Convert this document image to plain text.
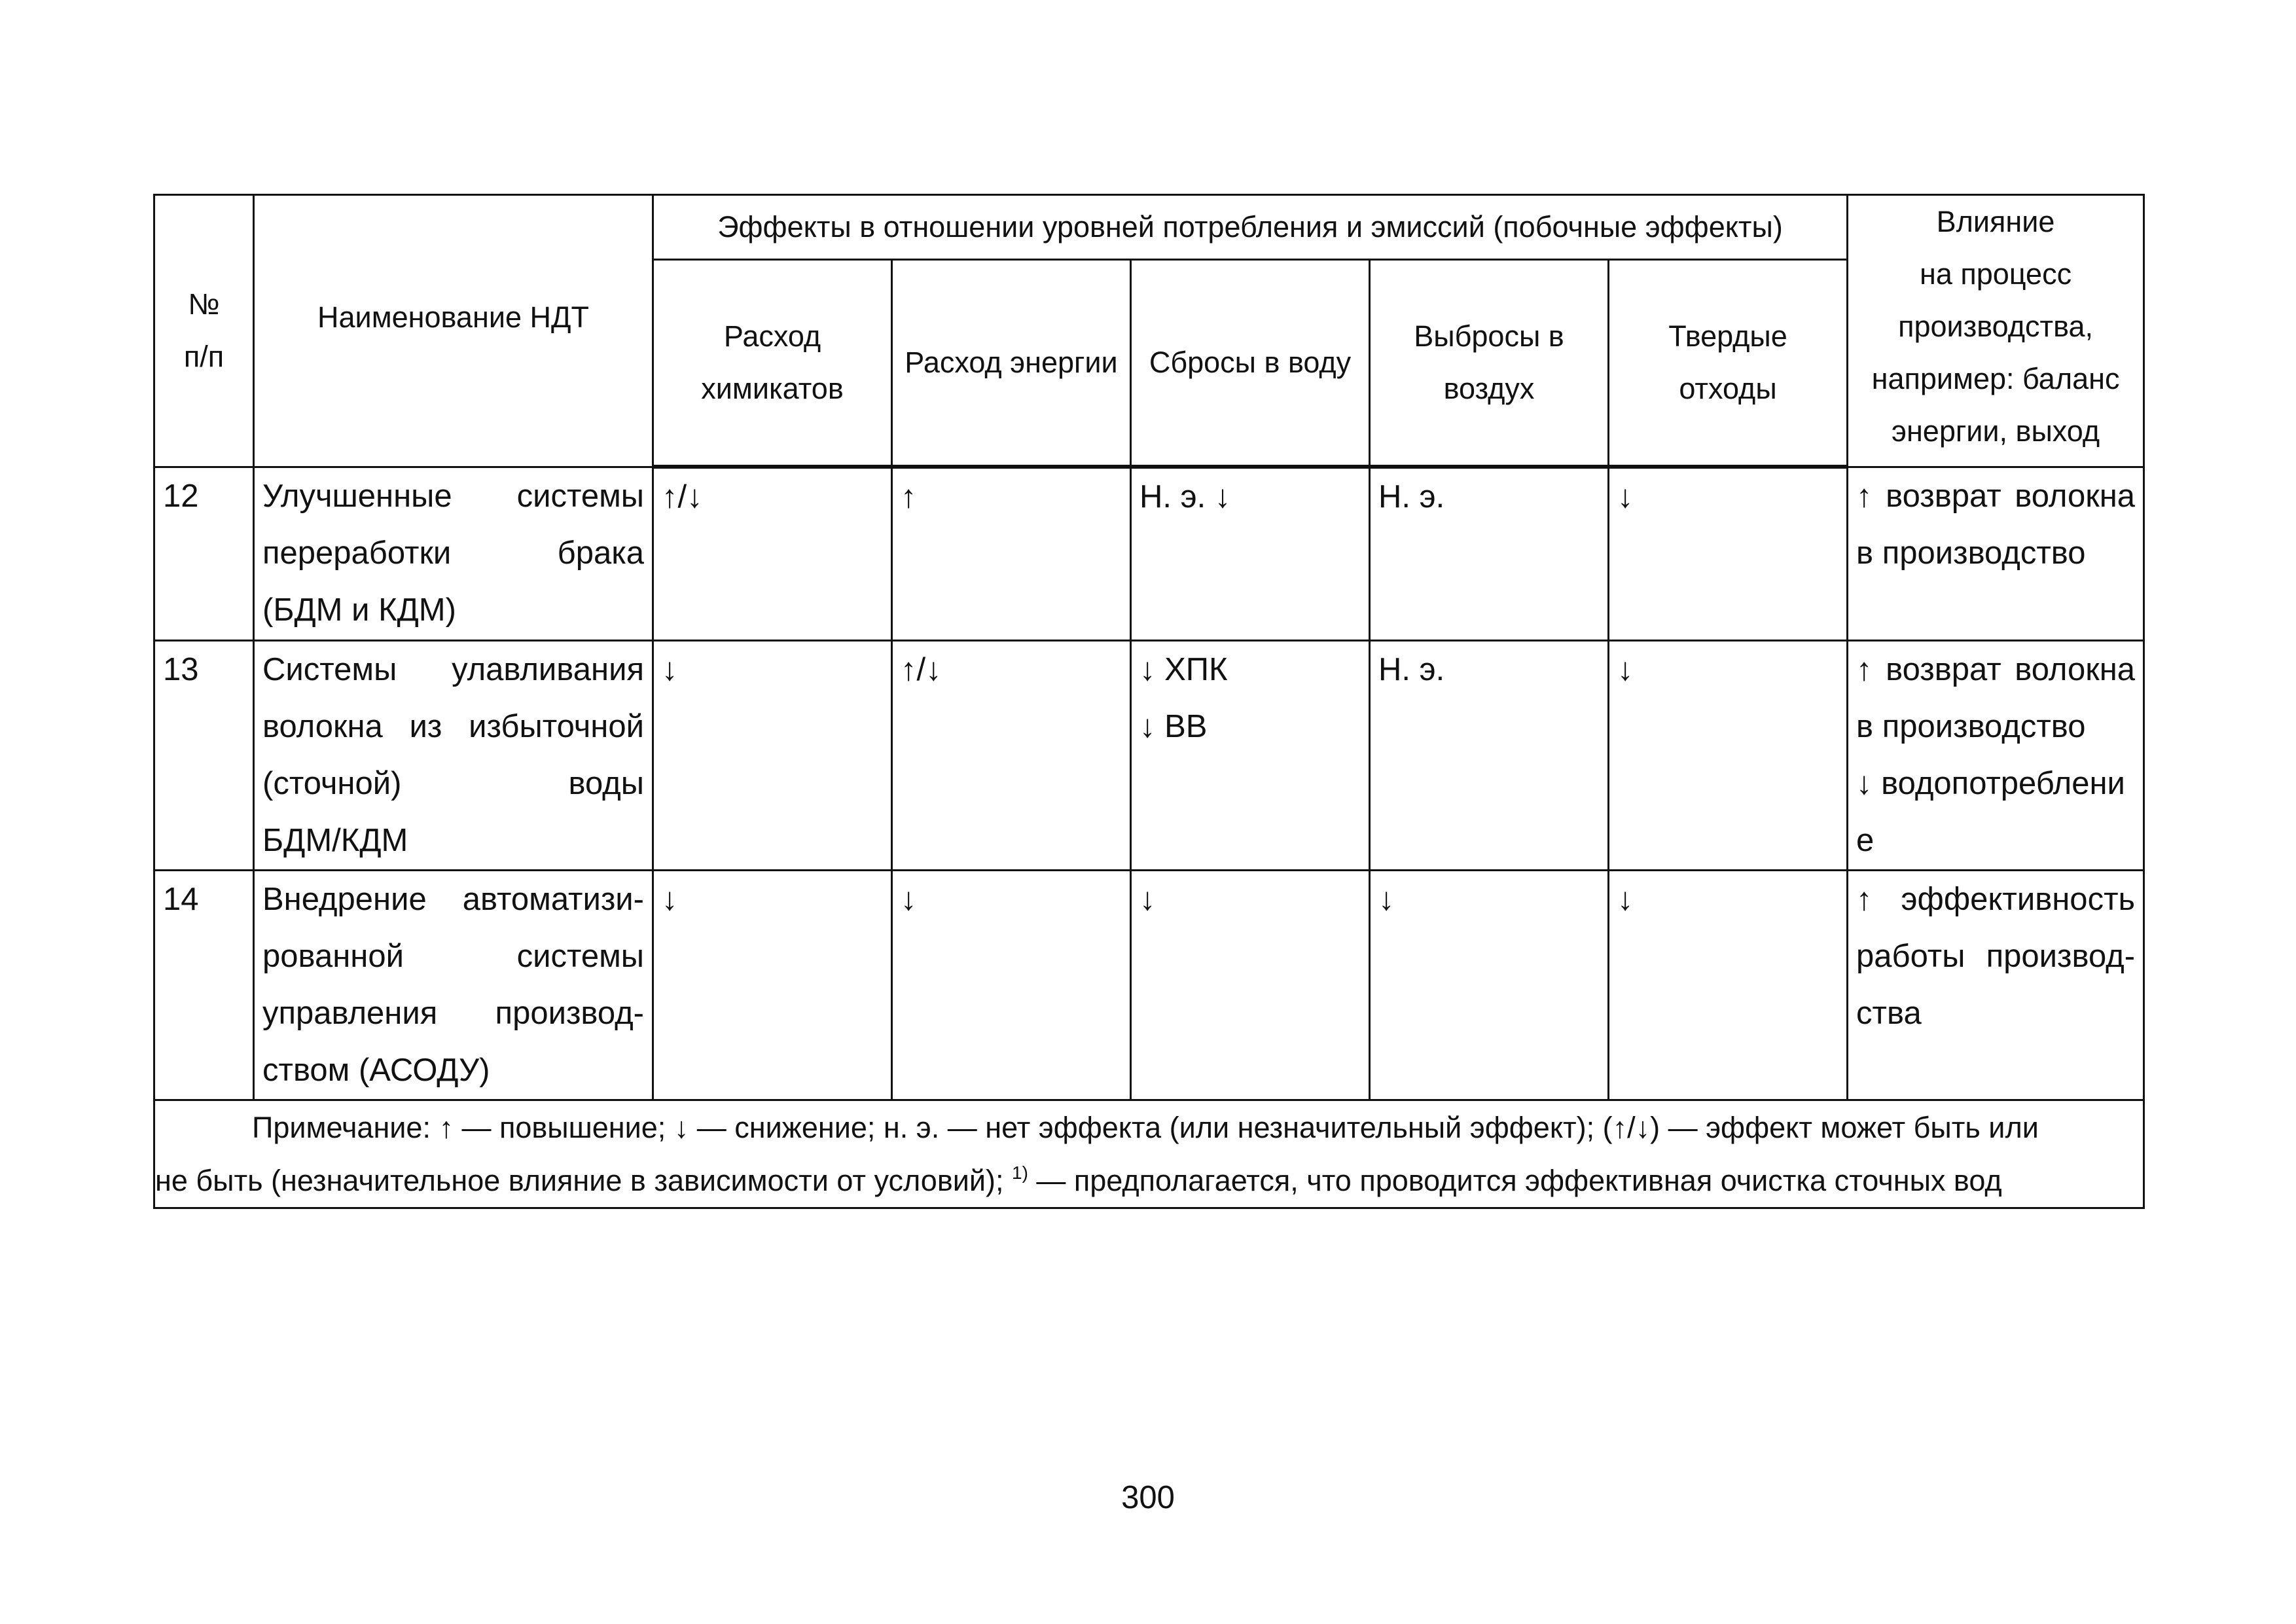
№
п/п	Наименование НДТ	Эффекты в отношении уровней потребления и эмиссий (побочные эффекты)					Влияние
на процесс
производства,
например: баланс
энергии, выход

		Расход
химикатов	Расход энергии	Сбросы в воду	Выбросы в
воздух	Твердые
отходы	

12	Улучшенные системы
переработки брака
(БДМ и КДМ)	↑/↓	↑	Н. э. ↓	Н. э.	↓	↑ возврат волокна
в производство

13	Системы улавливания
волокна из избыточной
(сточной) воды
БДМ/КДМ	↓	↑/↓	↓ ХПК
↓ ВВ	Н. э.	↓	↑ возврат волокна
в производство
↓ водопотреблени
е

14	Внедрение автоматизи-
рованной системы
управления производ-
ством (АСОДУ)	↓	↓	↓	↓	↓	↑ эффективность
работы производ-
ства

Примечание: ↑ — повышение; ↓ — снижение; н. э. — нет эффекта (или незначительный эффект); (↑/↓) — эффект может быть или
не быть (незначительное влияние в зависимости от условий); $^{1)}$ — предполагается, что проводится эффективная очистка сточных вод							
300
